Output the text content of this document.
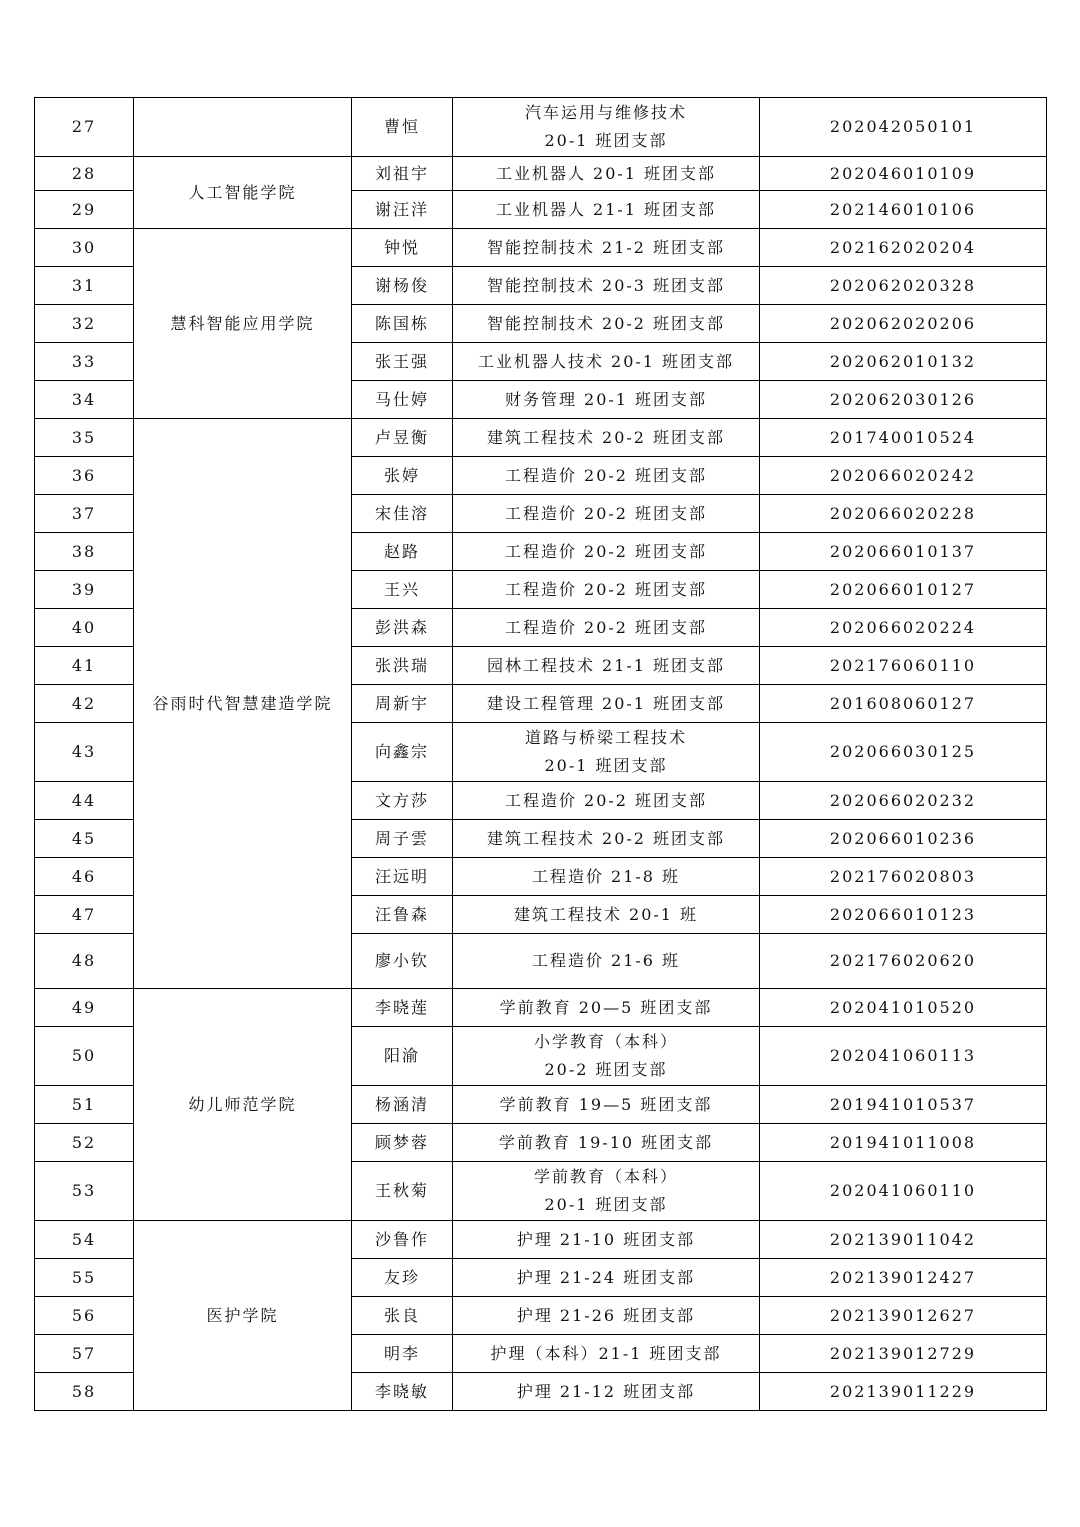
27		曹恒	汽车运用与维修技术
20-1 班团支部	202042050101
28	人工智能学院	刘祖宇	工业机器人 20-1 班团支部	202046010109
29		谢汪洋	工业机器人 21-1 班团支部	202146010106
30	慧科智能应用学院	钟悦	智能控制技术 21-2 班团支部	202162020204
31		谢杨俊	智能控制技术 20-3 班团支部	202062020328
32		陈国栋	智能控制技术 20-2 班团支部	202062020206
33		张王强	工业机器人技术 20-1 班团支部	202062010132
34		马仕婷	财务管理 20-1 班团支部	202062030126
35	谷雨时代智慧建造学院	卢昱衡	建筑工程技术 20-2 班团支部	201740010524
36		张婷	工程造价 20-2 班团支部	202066020242
37		宋佳溶	工程造价 20-2 班团支部	202066020228
38		赵路	工程造价 20-2 班团支部	202066010137
39		王兴	工程造价 20-2 班团支部	202066010127
40		彭洪森	工程造价 20-2 班团支部	202066020224
41		张洪瑞	园林工程技术 21-1 班团支部	202176060110
42		周新宇	建设工程管理 20-1 班团支部	201608060127
43		向鑫宗	道路与桥梁工程技术
20-1 班团支部	202066030125
44		文方莎	工程造价 20-2 班团支部	202066020232
45		周子雲	建筑工程技术 20-2 班团支部	202066010236
46		汪远明	工程造价 21-8 班	202176020803
47		汪鲁森	建筑工程技术 20-1 班	202066010123
48		廖小钦	工程造价 21-6 班	202176020620
49	幼儿师范学院	李晓莲	学前教育 20—5 班团支部	202041010520
50		阳渝	小学教育（本科）
20-2 班团支部	202041060113
51		杨涵清	学前教育 19—5 班团支部	201941010537
52		顾梦蓉	学前教育 19-10 班团支部	201941011008
53		王秋菊	学前教育（本科）
20-1 班团支部	202041060110
54	医护学院	沙鲁作	护理 21-10 班团支部	202139011042
55		友珍	护理 21-24 班团支部	202139012427
56		张良	护理 21-26 班团支部	202139012627
57		明李	护理（本科）21-1 班团支部	202139012729
58		李晓敏	护理 21-12 班团支部	202139011229
